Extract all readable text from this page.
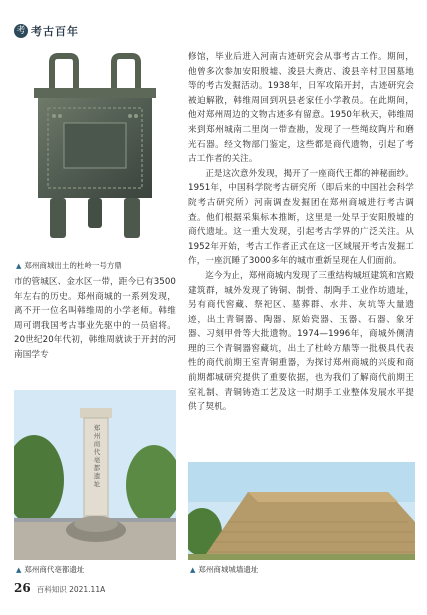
考 考古百年
▲ 郑州商城出土的杜岭一号方鼎

市的管城区、金水区一带，距今已有3500年左右的历史。郑州商城的一系列发现，离不开一位名叫韩维周的小学老师。韩维周可谓我国考古事业先驱中的一员宿将。20世纪20年代初，韩维周就读于开封的河南国学专

修馆，毕业后进入河南古迹研究会从事考古工作。期间，他曾多次参加安阳殷墟、浚县大赉店、浚县辛村卫国墓地等的考古发掘活动。1938年，日军攻陷开封，古迹研究会被迫解散，韩维周回到巩县老家任小学教员。在此期间，他对郑州周边的文物古迹多有留意。1950年秋天，韩维周来到郑州城南二里岗一带查勘，发现了一些绳纹陶片和磨光石器。经文物部门鉴定，这些都是商代遗物，引起了考古工作者的关注。

正是这次意外发现，揭开了一座商代王都的神秘面纱。1951年，中国科学院考古研究所（即后来的中国社会科学院考古研究所）河南调查发掘团在郑州商城进行考古调查。他们根据采集标本推断，这里是一处早于安阳殷墟的商代遗址。这一重大发现，引起考古学界的广泛关注。从1952年开始，考古工作者正式在这一区域展开考古发掘工作，一座沉睡了3000多年的城市重新呈现在人们面前。

迄今为止，郑州商城内发现了三重结构城垣建筑和宫殿建筑群，城外发现了铸铜、制骨、制陶手工业作坊遗址，另有商代窖藏、祭祀区、墓葬群、水井、灰坑等大量遗迹，出土青铜器、陶器、原始瓷器、玉器、石器、象牙器、习刻甲骨等大批遗物。1974—1996年，商城外侧清理的三个青铜器窖藏坑，出土了杜岭方鼎等一批极具代表性的商代前期王室青铜重器，为探讨郑州商城的兴废和商前期都城研究提供了重要依据，也为我们了解商代前期王室礼制、青铜铸造工艺及这一时期手工业整体发展水平提供了契机。

郑州商代亳都遗址
▲ 郑州商代亳都遗址	▲ 郑州商城城墙遗址
26 百科知识 2021.11A
